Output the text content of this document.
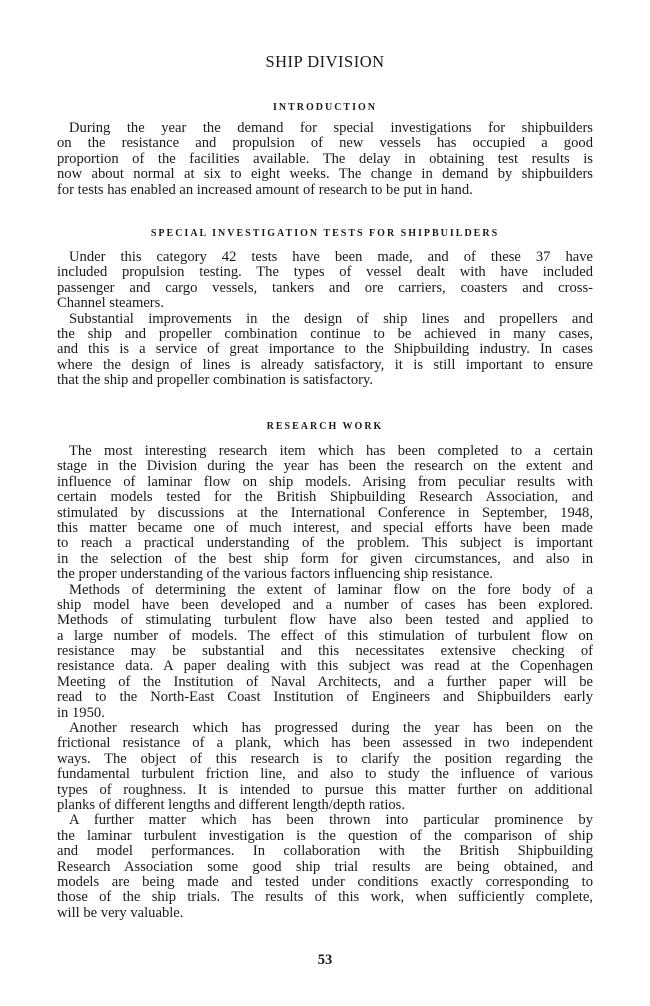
SHIP DIVISION
INTRODUCTION
During the year the demand for special investigations for shipbuilders
on the resistance and propulsion of new vessels has occupied a good
proportion of the facilities available. The delay in obtaining test results is
now about normal at six to eight weeks. The change in demand by shipbuilders
for tests has enabled an increased amount of research to be put in hand.
SPECIAL INVESTIGATION TESTS FOR SHIPBUILDERS
Under this category 42 tests have been made, and of these 37 have
included propulsion testing. The types of vessel dealt with have included
passenger and cargo vessels, tankers and ore carriers, coasters and cross-
Channel steamers.
Substantial improvements in the design of ship lines and propellers and
the ship and propeller combination continue to be achieved in many cases,
and this is a service of great importance to the Shipbuilding industry. In cases
where the design of lines is already satisfactory, it is still important to ensure
that the ship and propeller combination is satisfactory.
RESEARCH WORK
The most interesting research item which has been completed to a certain
stage in the Division during the year has been the research on the extent and
influence of laminar flow on ship models. Arising from peculiar results with
certain models tested for the British Shipbuilding Research Association, and
stimulated by discussions at the International Conference in September, 1948,
this matter became one of much interest, and special efforts have been made
to reach a practical understanding of the problem. This subject is important
in the selection of the best ship form for given circumstances, and also in
the proper understanding of the various factors influencing ship resistance.
Methods of determining the extent of laminar flow on the fore body of a
ship model have been developed and a number of cases has been explored.
Methods of stimulating turbulent flow have also been tested and applied to
a large number of models. The effect of this stimulation of turbulent flow on
resistance may be substantial and this necessitates extensive checking of
resistance data. A paper dealing with this subject was read at the Copenhagen
Meeting of the Institution of Naval Architects, and a further paper will be
read to the North-East Coast Institution of Engineers and Shipbuilders early
in 1950.
Another research which has progressed during the year has been on the
frictional resistance of a plank, which has been assessed in two independent
ways. The object of this research is to clarify the position regarding the
fundamental turbulent friction line, and also to study the influence of various
types of roughness. It is intended to pursue this matter further on additional
planks of different lengths and different length/depth ratios.
A further matter which has been thrown into particular prominence by
the laminar turbulent investigation is the question of the comparison of ship
and model performances. In collaboration with the British Shipbuilding
Research Association some good ship trial results are being obtained, and
models are being made and tested under conditions exactly corresponding to
those of the ship trials. The results of this work, when sufficiently complete,
will be very valuable.
53
